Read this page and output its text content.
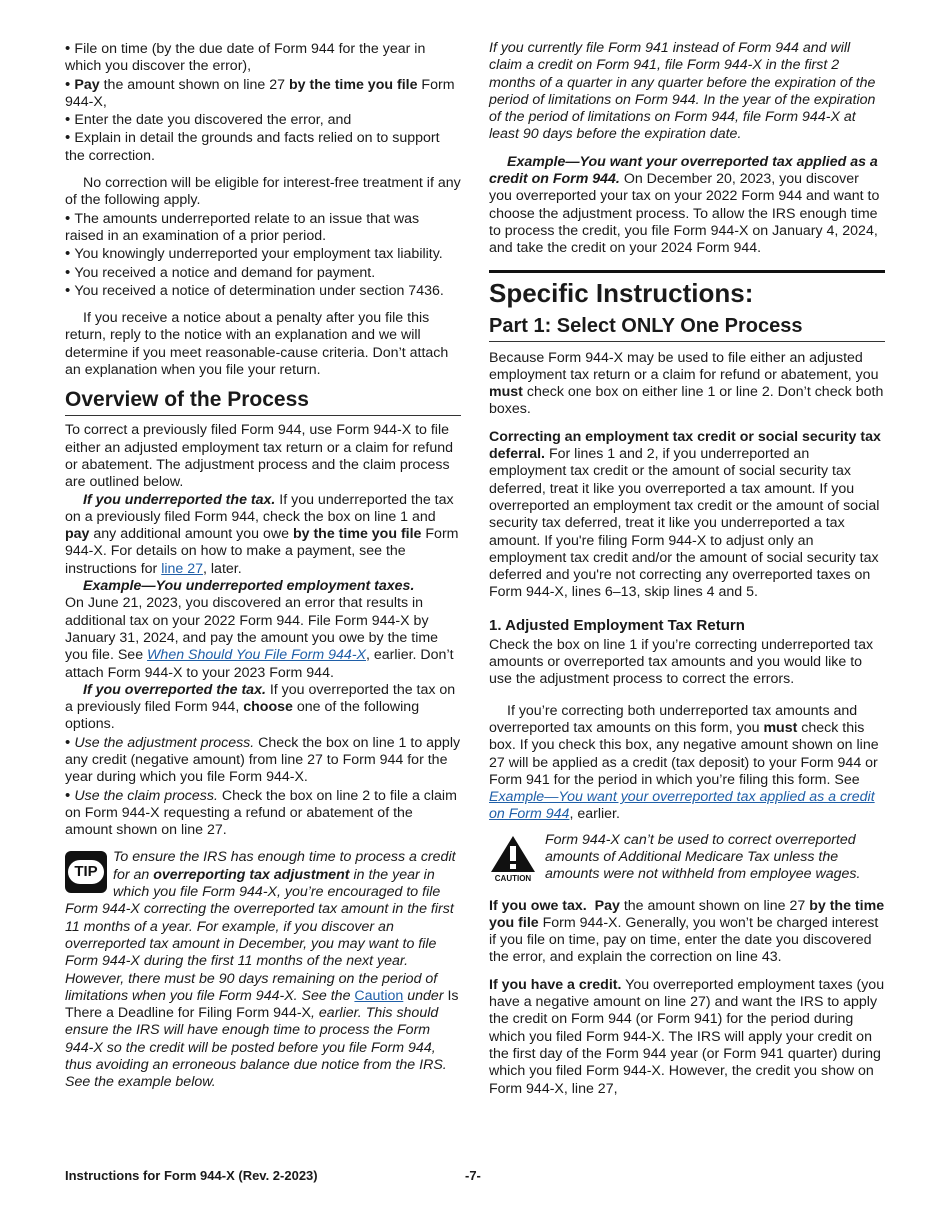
• File on time (by the due date of Form 944 for the year in which you discover the error),

• Pay the amount shown on line 27 by the time you file Form 944-X,

• Enter the date you discovered the error, and

• Explain in detail the grounds and facts relied on to support the correction.

No correction will be eligible for interest-free treatment if any of the following apply.

• The amounts underreported relate to an issue that was raised in an examination of a prior period.

• You knowingly underreported your employment tax liability.

• You received a notice and demand for payment.

• You received a notice of determination under section 7436.

If you receive a notice about a penalty after you file this return, reply to the notice with an explanation and we will determine if you meet reasonable-cause criteria. Don’t attach an explanation when you file your return.

Overview of the Process

To correct a previously filed Form 944, use Form 944-X to file either an adjusted employment tax return or a claim for refund or abatement. The adjustment process and the claim process are outlined below.

If you underreported the tax. If you underreported the tax on a previously filed Form 944, check the box on line 1 and pay any additional amount you owe by the time you file Form 944-X. For details on how to make a payment, see the instructions for line 27, later.

Example—You underreported employment taxes.

On June 21, 2023, you discovered an error that results in additional tax on your 2022 Form 944. File Form 944-X by January 31, 2024, and pay the amount you owe by the time you file. See When Should You File Form 944-X, earlier. Don’t attach Form 944-X to your 2023 Form 944.

If you overreported the tax. If you overreported the tax on a previously filed Form 944, choose one of the following options.

• Use the adjustment process. Check the box on line 1 to apply any credit (negative amount) from line 27 to Form 944 for the year during which you file Form 944-X.

• Use the claim process. Check the box on line 2 to file a claim on Form 944-X requesting a refund or abatement of the amount shown on line 27.

TIP

To ensure the IRS has enough time to process a credit for an overreporting tax adjustment in the year in which you file Form 944-X, you’re encouraged to file Form 944-X correcting the overreported tax amount in the first 11 months of a year. For example, if you discover an overreported tax amount in December, you may want to file Form 944-X during the first 11 months of the next year. However, there must be 90 days remaining on the period of limitations when you file Form 944-X. See the Caution under Is There a Deadline for Filing Form 944-X, earlier. This should ensure the IRS will have enough time to process the Form 944-X so the credit will be posted before you file Form 944, thus avoiding an erroneous balance due notice from the IRS. See the example below.

If you currently file Form 941 instead of Form 944 and will claim a credit on Form 941, file Form 944-X in the first 2 months of a quarter in any quarter before the expiration of the period of limitations on Form 944. In the year of the expiration of the period of limitations on Form 944, file Form 944-X at least 90 days before the expiration date.

Example—You want your overreported tax applied as a credit on Form 944. On December 20, 2023, you discover you overreported your tax on your 2022 Form 944 and want to choose the adjustment process. To allow the IRS enough time to process the credit, you file Form 944-X on January 4, 2024, and take the credit on your 2024 Form 944.

Specific Instructions:
Part 1: Select ONLY One Process

Because Form 944-X may be used to file either an adjusted employment tax return or a claim for refund or abatement, you must check one box on either line 1 or line 2. Don’t check both boxes.

Correcting an employment tax credit or social security tax deferral. For lines 1 and 2, if you underreported an employment tax credit or the amount of social security tax deferred, treat it like you overreported a tax amount. If you overreported an employment tax credit or the amount of social security tax deferred, treat it like you underreported a tax amount. If you're filing Form 944-X to adjust only an employment tax credit and/or the amount of social security tax deferred and you're not correcting any overreported taxes on Form 944-X, lines 6–13, skip lines 4 and 5.

1. Adjusted Employment Tax Return

Check the box on line 1 if you’re correcting underreported tax amounts or overreported tax amounts and you would like to use the adjustment process to correct the errors.

If you’re correcting both underreported tax amounts and overreported tax amounts on this form, you must check this box. If you check this box, any negative amount shown on line 27 will be applied as a credit (tax deposit) to your Form 944 or Form 941 for the period in which you’re filing this form. See Example—You want your overreported tax applied as a credit on Form 944, earlier.

CAUTION

Form 944-X can’t be used to correct overreported amounts of Additional Medicare Tax unless the amounts were not withheld from employee wages.

If you owe tax. Pay the amount shown on line 27 by the time you file Form 944-X. Generally, you won’t be charged interest if you file on time, pay on time, enter the date you discovered the error, and explain the correction on line 43.

If you have a credit. You overreported employment taxes (you have a negative amount on line 27) and want the IRS to apply the credit on Form 944 (or Form 941) for the period during which you filed Form 944-X. The IRS will apply your credit on the first day of the Form 944 year (or Form 941 quarter) during which you filed Form 944-X. However, the credit you show on Form 944-X, line 27,

Instructions for Form 944-X (Rev. 2-2023)	-7-
